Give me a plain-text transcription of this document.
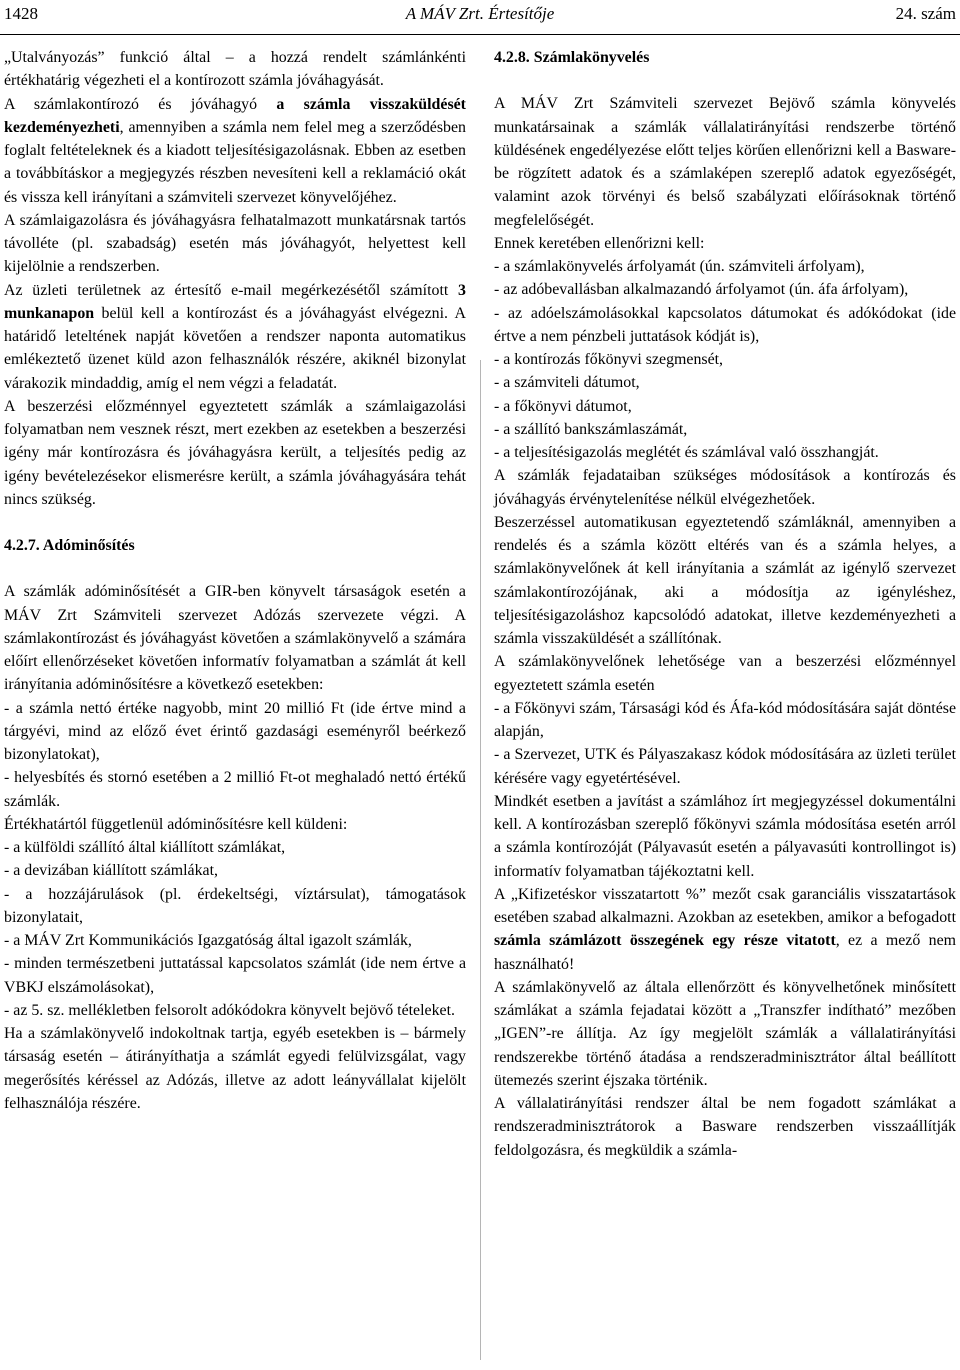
A MÁV Zrt. Értesítője
1428	24. szám

„Utalványozás” funkció által – a hozzá rendelt számlánkénti értékhatárig végezheti el a kontírozott számla jóváhagyását.

A számlakontírozó és jóváhagyó a számla visszaküldését kezdeményezheti, amennyiben a számla nem felel meg a szerződésben foglalt feltételeknek és a kiadott teljesítésigazolásnak. Ebben az esetben a továbbításkor a megjegyzés részben nevesíteni kell a reklamáció okát és vissza kell irányítani a számviteli szervezet könyvelőjéhez.

A számlaigazolásra és jóváhagyásra felhatalmazott munkatársnak tartós távolléte (pl. szabadság) esetén más jóváhagyót, helyettest kell kijelölnie a rendszerben.

Az üzleti területnek az értesítő e-mail megérkezésétől számított 3 munkanapon belül kell a kontírozást és a jóváhagyást elvégezni. A határidő leteltének napját követően a rendszer naponta automatikus emlékeztető üzenet küld azon felhasználók részére, akiknél bizonylat várakozik mindaddig, amíg el nem végzi a feladatát.

A beszerzési előzménnyel egyeztetett számlák a számlaigazolási folyamatban nem vesznek részt, mert ezekben az esetekben a beszerzési igény már kontírozásra és jóváhagyásra került, a teljesítés pedig az igény bevételezésekor elismerésre került, a számla jóváhagyására tehát nincs szükség.

4.2.7. Adóminősítés

A számlák adóminősítését a GIR-ben könyvelt társaságok esetén a MÁV Zrt Számviteli szervezet Adózás szervezete végzi. A számlakontírozást és jóváhagyást követően a számlakönyvelő a számára előírt ellenőrzéseket követően informatív folyamatban a számlát át kell irányítania adóminősítésre a következő esetekben:

- a számla nettó értéke nagyobb, mint 20 millió Ft (ide értve mind a tárgyévi, mind az előző évet érintő gazdasági eseményről beérkező bizonylatokat),

- helyesbítés és stornó esetében a 2 millió Ft-ot meghaladó nettó értékű számlák.

Értékhatártól függetlenül adóminősítésre kell küldeni:

- a külföldi szállító által kiállított számlákat,

- a devizában kiállított számlákat,

- a hozzájárulások (pl. érdekeltségi, víztársulat), támogatások bizonylatait,

- a MÁV Zrt Kommunikációs Igazgatóság által igazolt számlák,

- minden természetbeni juttatással kapcsolatos számlát (ide nem értve a VBKJ elszámolásokat),

- az 5. sz. mellékletben felsorolt adókódokra könyvelt bejövő tételeket.

Ha a számlakönyvelő indokoltnak tartja, egyéb esetekben is – bármely társaság esetén – átirányíthatja a számlát egyedi felülvizsgálat, vagy megerősítés kéréssel az Adózás, illetve az adott leányvállalat kijelölt felhasználója részére.

4.2.8. Számlakönyvelés

A MÁV Zrt Számviteli szervezet Bejövő számla könyvelés munkatársainak a számlák vállalatirányítási rendszerbe történő küldésének engedélyezése előtt teljes körűen ellenőrizni kell a Basware-be rögzített adatok és a számlaképen szereplő adatok egyezőségét, valamint azok törvényi és belső szabályzati előírásoknak történő megfelelőségét.

Ennek keretében ellenőrizni kell:

- a számlakönyvelés árfolyamát (ún. számviteli árfolyam),

- az adóbevallásban alkalmazandó árfolyamot (ún. áfa árfolyam),

- az adóelszámolásokkal kapcsolatos dátumokat és adókódokat (ide értve a nem pénzbeli juttatások kódját is),

- a kontírozás főkönyvi szegmensét,

- a számviteli dátumot,

- a főkönyvi dátumot,

- a szállító bankszámlaszámát,

- a teljesítésigazolás meglétét és számlával való összhangját.

A számlák fejadataiban szükséges módosítások a kontírozás és jóváhagyás érvénytelenítése nélkül elvégezhetőek.

Beszerzéssel automatikusan egyeztetendő számláknál, amennyiben a rendelés és a számla között eltérés van és a számla helyes, a számlakönyvelőnek át kell irányítania a számlát az igénylő szervezet számlakontírozójának, aki a módosítja az igényléshez, teljesítésigazoláshoz kapcsolódó adatokat, illetve kezdeményezheti a számla visszaküldését a szállítónak.

A számlakönyvelőnek lehetősége van a beszerzési előzménnyel egyeztetett számla esetén

- a Főkönyvi szám, Társasági kód és Áfa-kód módosítására saját döntése alapján,

- a Szervezet, UTK és Pályaszakasz kódok módosítására az üzleti terület kérésére vagy egyetértésével.

Mindkét esetben a javítást a számlához írt megjegyzéssel dokumentálni kell. A kontírozásban szereplő főkönyvi számla módosítása esetén arról a számla kontírozóját (Pályavasút esetén a pályavasúti kontrollingot is) informatív folyamatban tájékoztatni kell.

A „Kifizetéskor visszatartott %” mezőt csak garanciális visszatartások esetében szabad alkalmazni. Azokban az esetekben, amikor a befogadott számla számlázott összegének egy része vitatott, ez a mező nem használható!

A számlakönyvelő az általa ellenőrzött és könyvelhetőnek minősített számlákat a számla fejadatai között a „Transzfer indítható” mezőben „IGEN”-re állítja. Az így megjelölt számlák a vállalatirányítási rendszerekbe történő átadása a rendszeradminisztrátor által beállított ütemezés szerint éjszaka történik.

A vállalatirányítási rendszer által be nem fogadott számlákat a rendszeradminisztrátorok a Basware rendszerben visszaállítják feldolgozásra, és megküldik a számla-
